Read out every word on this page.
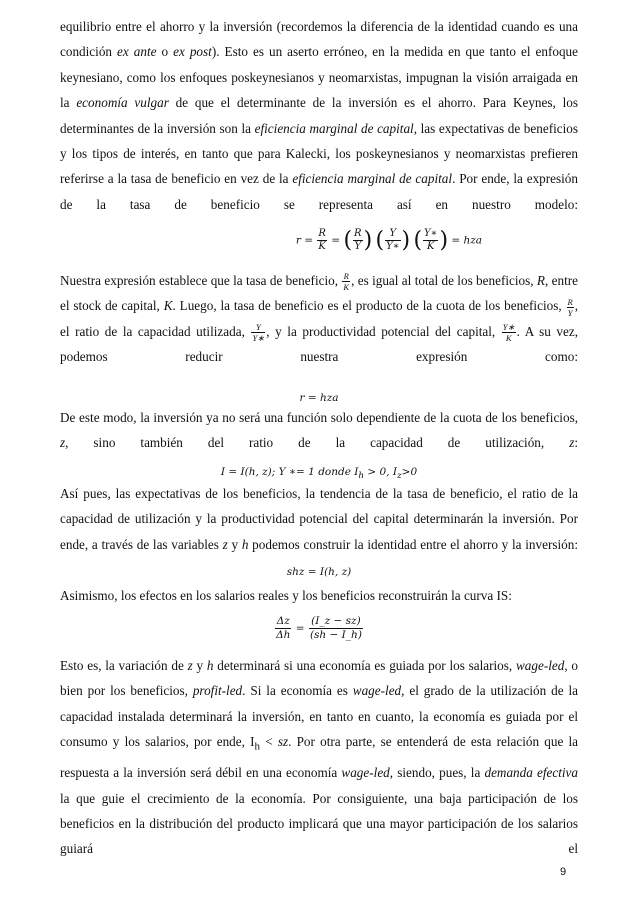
equilibrio entre el ahorro y la inversión (recordemos la diferencia de la identidad cuando es una condición ex ante o ex post). Esto es un aserto erróneo, en la medida en que tanto el enfoque keynesiano, como los enfoques poskeynesianos y neomarxistas, impugnan la visión arraigada en la economía vulgar de que el determinante de la inversión es el ahorro. Para Keynes, los determinantes de la inversión son la eficiencia marginal de capital, las expectativas de beneficios y los tipos de interés, en tanto que para Kalecki, los poskeynesianos y neomarxistas prefieren referirse a la tasa de beneficio en vez de la eficiencia marginal de capital. Por ende, la expresión de la tasa de beneficio se representa así en nuestro modelo:

$r = \frac{R}{K}$ = ( $\frac{R}{Y}$ ) ( $\frac{Y}{Y∗}$ ) ( $\frac{Y∗}{K}$ ) = hza

Nuestra expresión establece que la tasa de beneficio, $\frac{R}{K}$ , es igual al total de los beneficios, R, entre el stock de capital, K. Luego, la tasa de beneficio es el producto de la cuota de los beneficios, $\frac{R}{Y}$ , el ratio de la capacidad utilizada, $\frac{Y}{Y∗}$ , y la productividad potencial del capital, $\frac{Y∗}{K}$ . A su vez, podemos reducir nuestra expresión como:

r = hza

De este modo, la inversión ya no será una función solo dependiente de la cuota de los beneficios, z, sino también del ratio de la capacidad de utilización, z:

I = I(h, z); Y ∗= 1 donde $I_h > 0$, $I_z>0$

Así pues, las expectativas de los beneficios, la tendencia de la tasa de beneficio, el ratio de la capacidad de utilización y la productividad potencial del capital determinarán la inversión. Por ende, a través de las variables z y h podemos construir la identidad entre el ahorro y la inversión:

shz = I(h, z)

Asimismo, los efectos en los salarios reales y los beneficios reconstruirán la curva IS:

$\frac{\Delta z}{\Delta h} = \frac{(I\_z - sz)}{(sh - I\_h)}$

Esto es, la variación de z y h determinará si una economía es guiada por los salarios, wage-led, o bien por los beneficios, profit-led. Si la economía es wage-led, el grado de la utilización de la capacidad instalada determinará la inversión, en tanto en cuanto, la economía es guiada por el consumo y los salarios, por ende, $I_h$ < sz. Por otra parte, se entenderá de esta relación que la respuesta a la inversión será débil en una economía wage-led, siendo, pues, la demanda efectiva la que guie el crecimiento de la economía. Por consiguiente, una baja participación de los beneficios en la distribución del producto implicará que una mayor participación de los salarios guiará el

9
